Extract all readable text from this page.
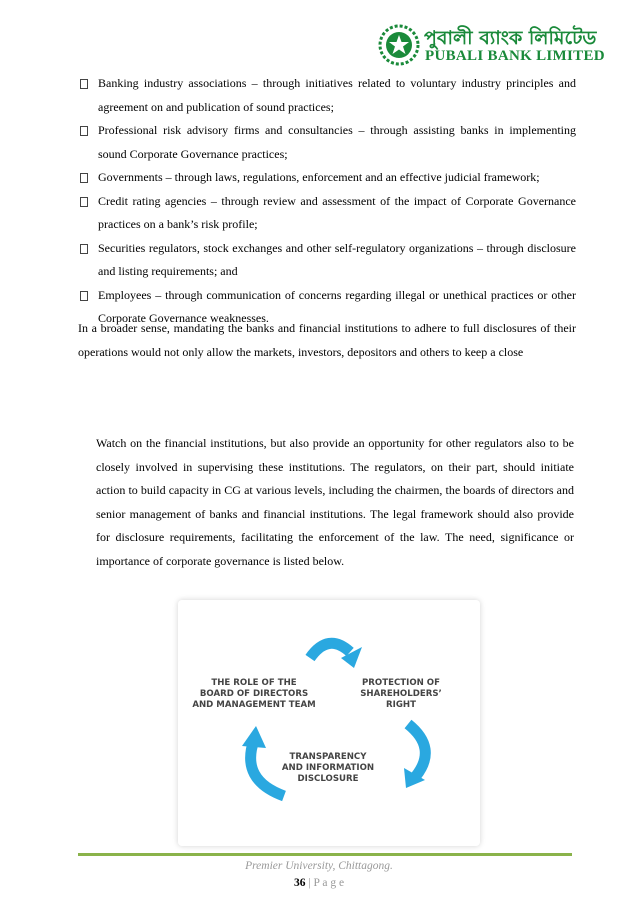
পুবালী ব্যাংক লিমিটেড
PUBALI BANK LIMITED
Banking industry associations – through initiatives related to voluntary industry principles and agreement on and publication of sound practices;
Professional risk advisory firms and consultancies – through assisting banks in implementing sound Corporate Governance practices;
Governments – through laws, regulations, enforcement and an effective judicial framework;
Credit rating agencies – through review and assessment of the impact of Corporate Governance practices on a bank’s risk profile;
Securities regulators, stock exchanges and other self-regulatory organizations – through disclosure and listing requirements; and
Employees – through communication of concerns regarding illegal or unethical practices or other Corporate Governance weaknesses.

In a broader sense, mandating the banks and financial institutions to adhere to full disclosures of their operations would not only allow the markets, investors, depositors and others to keep a close

Watch on the financial institutions, but also provide an opportunity for other regulators also to be closely involved in supervising these institutions. The regulators, on their part, should initiate action to build capacity in CG at various levels, including the chairmen, the boards of directors and senior management of banks and financial institutions. The legal framework should also provide for disclosure requirements, facilitating the enforcement of the law. The need, significance or importance of corporate governance is listed below.

THE ROLE OF THE
BOARD OF DIRECTORS
AND MANAGEMENT TEAM
PROTECTION OF
SHAREHOLDERS’
RIGHT
TRANSPARENCY
AND INFORMATION
DISCLOSURE
Premier University, Chittagong.
36 | P a g e
